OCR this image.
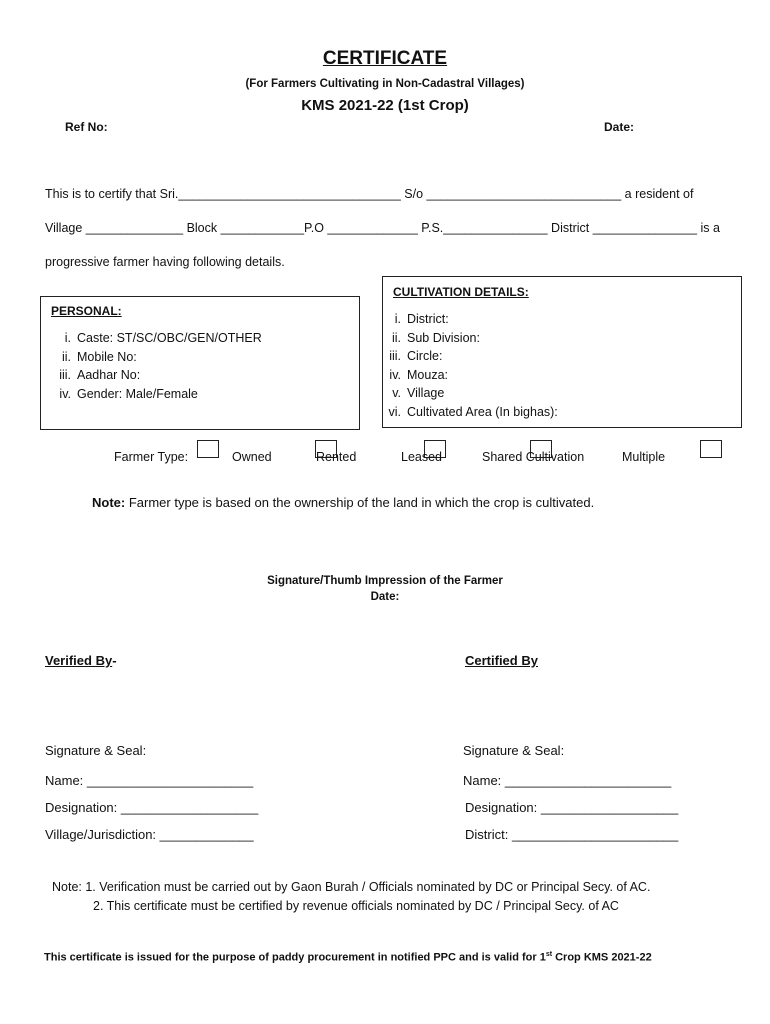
CERTIFICATE
(For Farmers Cultivating in Non-Cadastral Villages)
KMS 2021-22 (1st Crop)
Ref No:	Date:
This is to certify that Sri.________________________________ S/o ____________________________ a resident of
Village ______________ Block ____________P.O _____________ P.S._______________ District _______________ is a
progressive farmer having following details.
PERSONAL:
i. Caste: ST/SC/OBC/GEN/OTHER
ii. Mobile No:
iii. Aadhar No:
iv. Gender: Male/Female
CULTIVATION DETAILS:
i. District:
ii. Sub Division:
iii. Circle:
iv. Mouza:
v. Village
vi. Cultivated Area (In bighas):
Farmer Type:
	Owned
	Rented
	Leased
	Shared Cultivation	Multiple
Note: Farmer type is based on the ownership of the land in which the crop is cultivated.
Signature/Thumb Impression of the Farmer
Date:
Verified By-
Signature & Seal:
Name: _______________________
Designation: ___________________
Village/Jurisdiction: _____________
Certified By
Signature & Seal:
Name: _______________________
Designation: ___________________
District: _______________________
Note: 1. Verification must be carried out by Gaon Burah / Officials nominated by DC or Principal Secy. of AC.
2. This certificate must be certified by revenue officials nominated by DC / Principal Secy. of AC
This certificate is issued for the purpose of paddy procurement in notified PPC and is valid for 1st Crop KMS 2021-22
